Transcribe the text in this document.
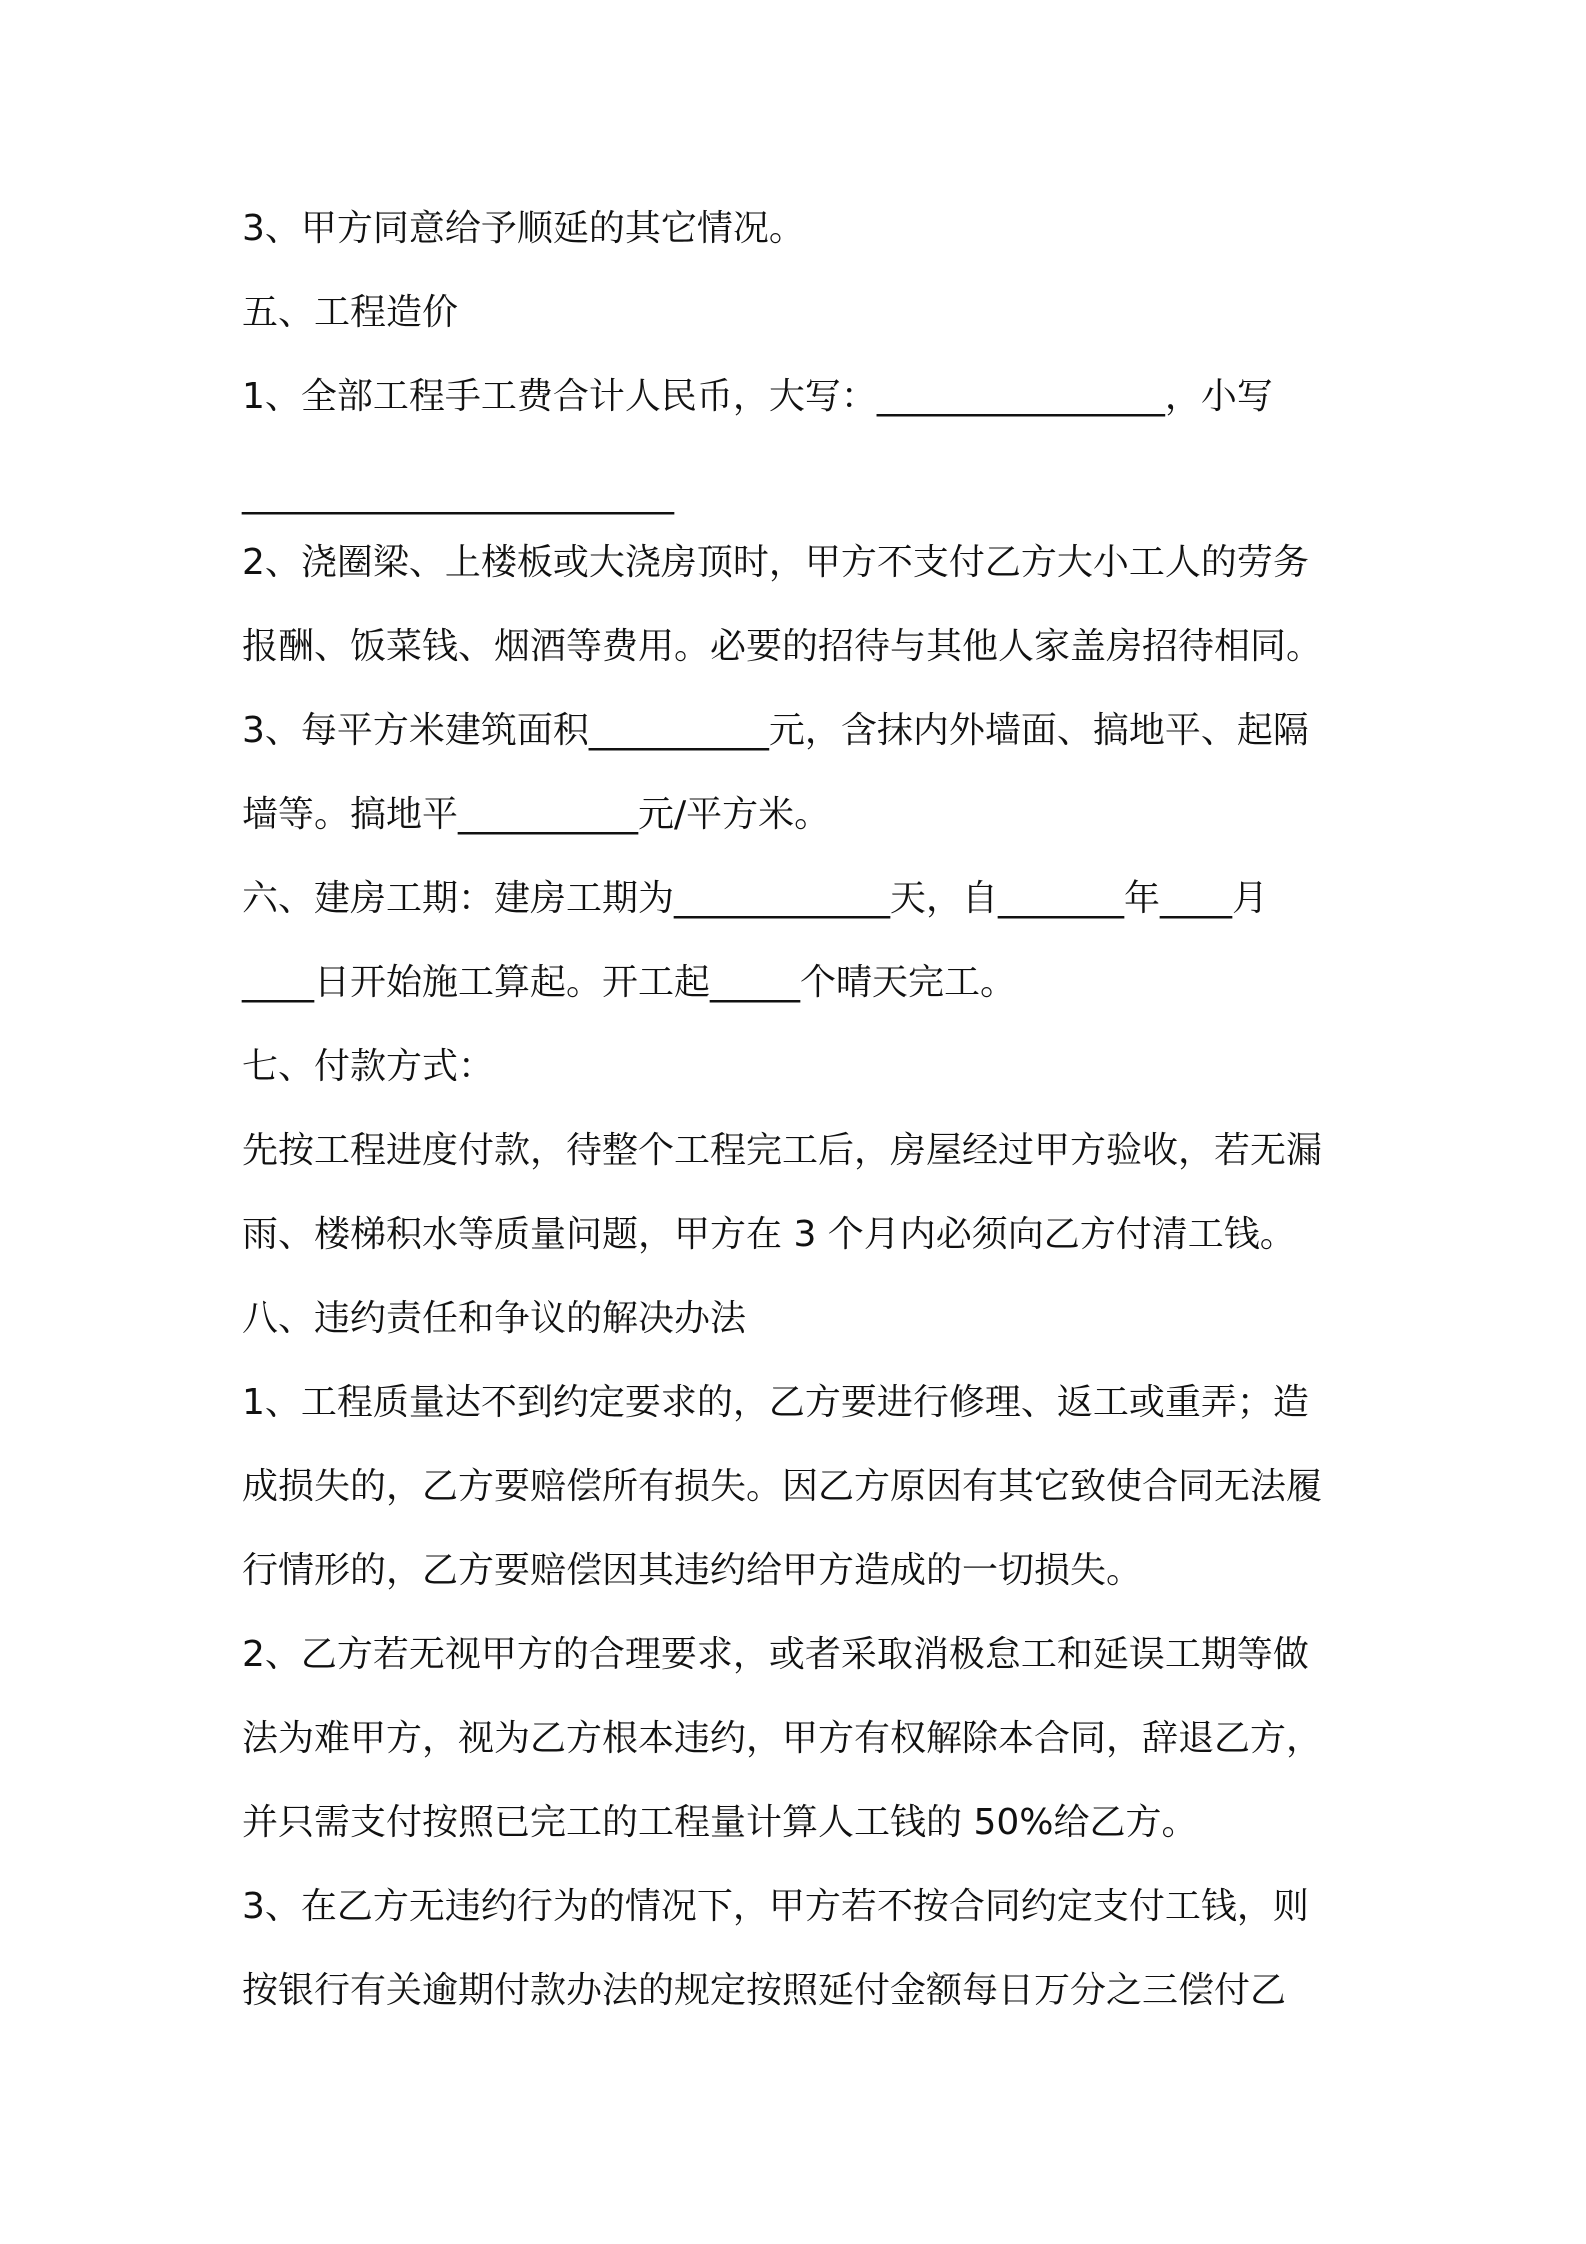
3、甲方同意给予顺延的其它情况。
五、工程造价
1、全部工程手工费合计人民币，大写：________________，小写
________________________
2、浇圈梁、上楼板或大浇房顶时，甲方不支付乙方大小工人的劳务
报酬、饭菜钱、烟酒等费用。必要的招待与其他人家盖房招待相同。
3、每平方米建筑面积__________元，含抹内外墙面、搞地平、起隔
墙等。搞地平__________元/平方米。
六、建房工期：建房工期为____________天，自_______年____月
____日开始施工算起。开工起_____个晴天完工。
七、付款方式：
先按工程进度付款，待整个工程完工后，房屋经过甲方验收，若无漏
雨、楼梯积水等质量问题，甲方在 3 个月内必须向乙方付清工钱。
八、违约责任和争议的解决办法
1、工程质量达不到约定要求的，乙方要进行修理、返工或重弄；造
成损失的，乙方要赔偿所有损失。因乙方原因有其它致使合同无法履
行情形的，乙方要赔偿因其违约给甲方造成的一切损失。
2、乙方若无视甲方的合理要求，或者采取消极怠工和延误工期等做
法为难甲方，视为乙方根本违约，甲方有权解除本合同，辞退乙方，
并只需支付按照已完工的工程量计算人工钱的 50%给乙方。
3、在乙方无违约行为的情况下，甲方若不按合同约定支付工钱，则
按银行有关逾期付款办法的规定按照延付金额每日万分之三偿付乙
